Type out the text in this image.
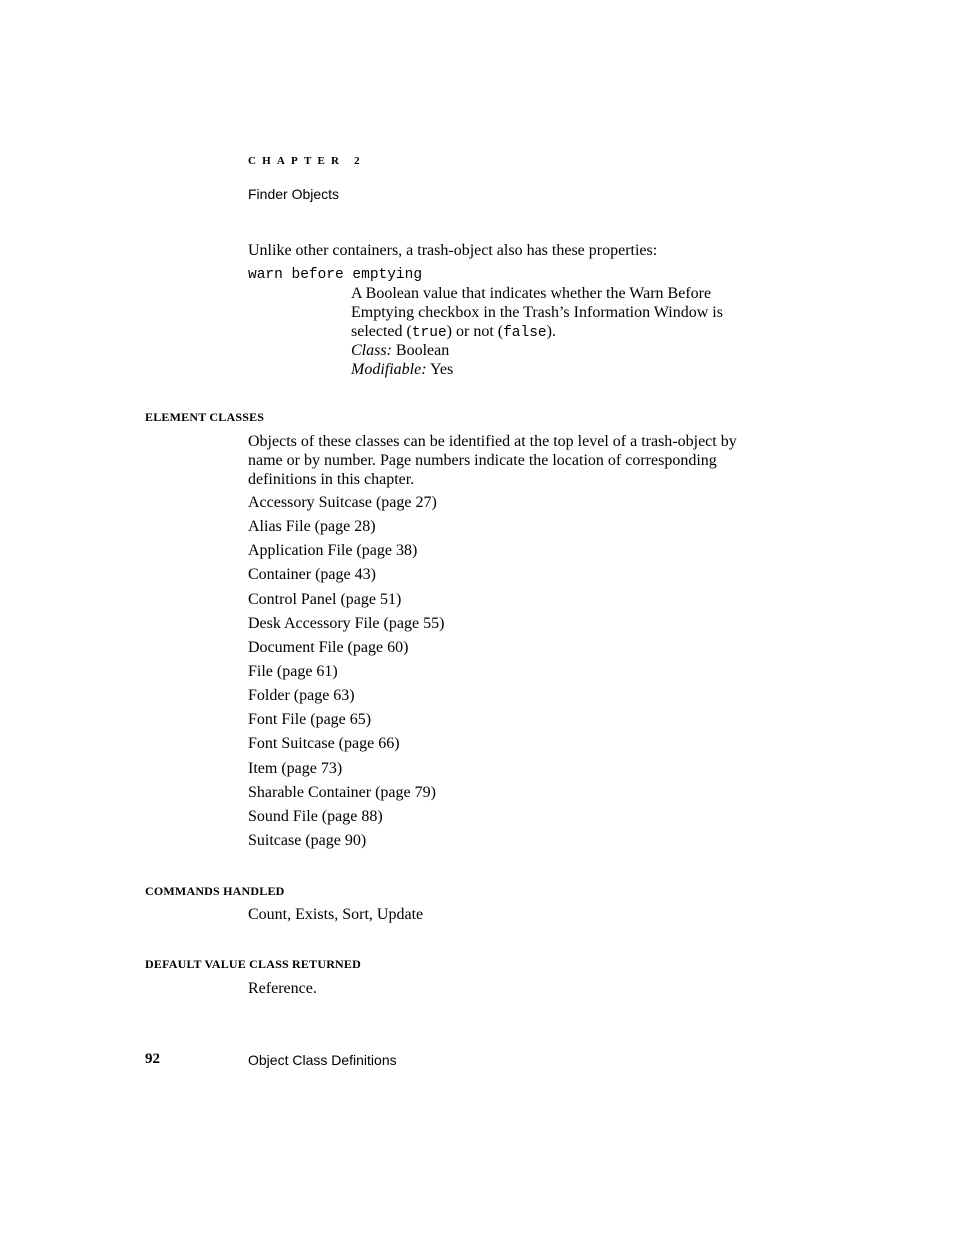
CHAPTER 2
Finder Objects
Unlike other containers, a trash-object also has these properties:
warn before emptying
A Boolean value that indicates whether the Warn Before
Emptying checkbox in the Trash’s Information Window is
selected (true) or not (false).
Class: Boolean
Modifiable: Yes
ELEMENT CLASSES
Objects of these classes can be identified at the top level of a trash-object by
name or by number. Page numbers indicate the location of corresponding
definitions in this chapter.
Accessory Suitcase (page 27)
Alias File (page 28)
Application File (page 38)
Container (page 43)
Control Panel (page 51)
Desk Accessory File (page 55)
Document File (page 60)
File (page 61)
Folder (page 63)
Font File (page 65)
Font Suitcase (page 66)
Item (page 73)
Sharable Container (page 79)
Sound File (page 88)
Suitcase (page 90)
COMMANDS HANDLED
Count, Exists, Sort, Update
DEFAULT VALUE CLASS RETURNED
Reference.
92	Object Class Definitions
